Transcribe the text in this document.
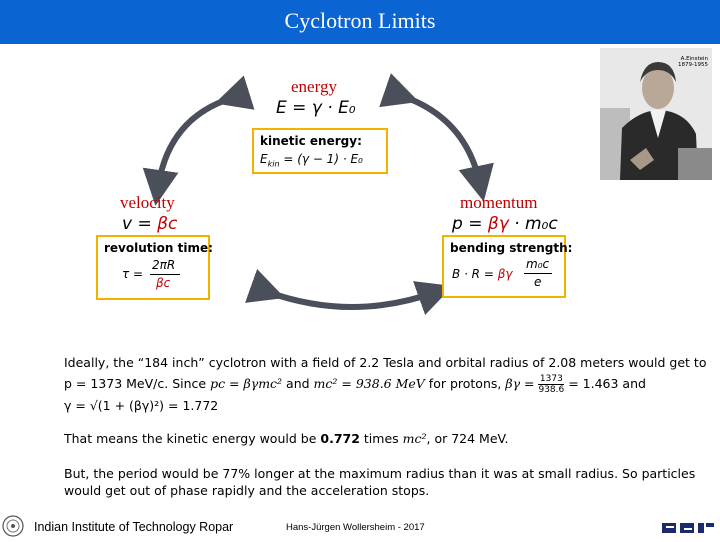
Cyclotron Limits
energy
E = γ · E₀
kinetic energy:
$E_{kin} = (\gamma - 1) \cdot E_0$
velocity
v = βc
revolution time:
τ =
2πR
βc
momentum
p = βγ · m₀c
bending strength:
B · R = βγ
m₀c
e
A.Einstein
1879-1955
Ideally, the “184 inch” cyclotron with a field of 2.2 Tesla and orbital radius of 2.08 meters would get to
p = 1373 MeV/c. Since pc = βγmc² and mc² = 938.6 MeV for protons, $\beta\gamma = \frac{1373}{938.6} = 1.463$ and
γ = √(1 + (βγ)²) = 1.772
That means the kinetic energy would be 0.772 times mc², or 724 MeV.
But, the period would be 77% longer at the maximum radius than it was at small radius. So particles
would get out of phase rapidly and the acceleration stops.
Indian Institute of Technology Ropar	Hans-Jürgen Wollersheim - 2017
